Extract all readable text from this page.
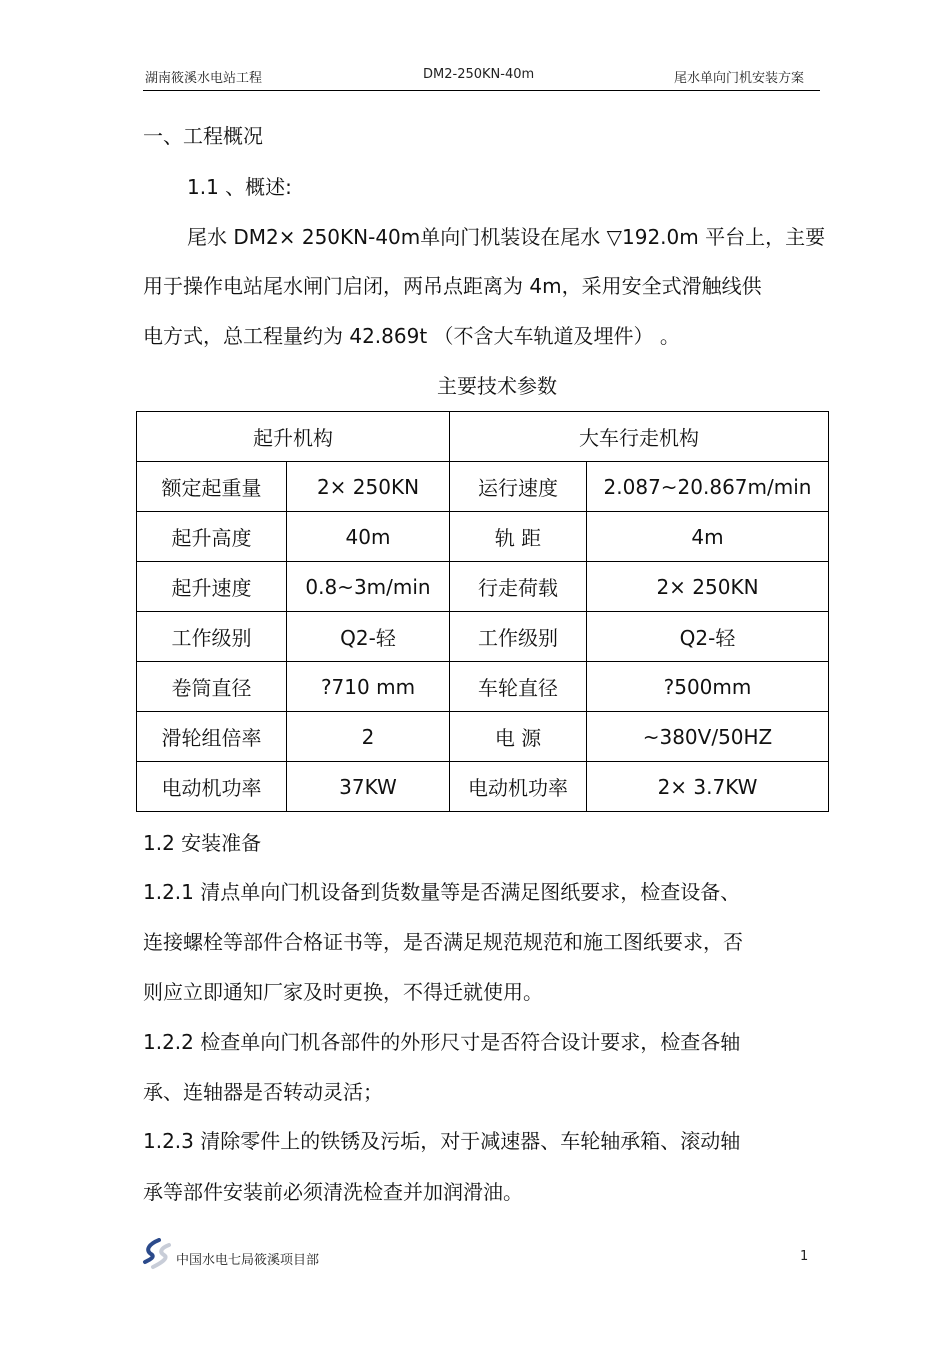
湖南筱溪水电站工程	DM2-250KN-40m	尾水单向门机安装方案
一、工程概况
1.1 、概述:
尾水 DM2× 250KN-40m单向门机装设在尾水 ▽192.0m 平台上，主要
用于操作电站尾水闸门启闭，两吊点距离为 4m，采用安全式滑触线供
电方式，总工程量约为 42.869t （不含大车轨道及埋件） 。
主要技术参数
起升机构		大车行走机构	
额定起重量	2× 250KN	运行速度	2.087~20.867m/min
起升高度	40m	轨 距	4m
起升速度	0.8~3m/min	行走荷载	2× 250KN
工作级别	Q2-轻	工作级别	Q2-轻
卷筒直径	?710 mm	车轮直径	?500mm
滑轮组倍率	2	电 源	~380V/50HZ
电动机功率	37KW	电动机功率	2× 3.7KW
1.2 安装准备
1.2.1 清点单向门机设备到货数量等是否满足图纸要求，检查设备、
连接螺栓等部件合格证书等，是否满足规范规范和施工图纸要求，否
则应立即通知厂家及时更换，不得迁就使用。
1.2.2 检查单向门机各部件的外形尺寸是否符合设计要求，检查各轴
承、连轴器是否转动灵活；
1.2.3 清除零件上的铁锈及污垢，对于减速器、车轮轴承箱、滚动轴
承等部件安装前必须清洗检查并加润滑油。
中国水电七局筱溪项目部	1
